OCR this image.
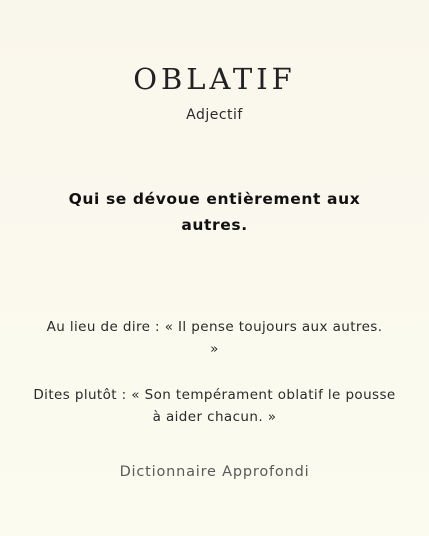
OBLATIF
Adjectif
Qui se dévoue entièrement aux autres.
Au lieu de dire : « Il pense toujours aux autres. »
Dites plutôt : « Son tempérament oblatif le pousse à aider chacun. »
Dictionnaire Approfondi
